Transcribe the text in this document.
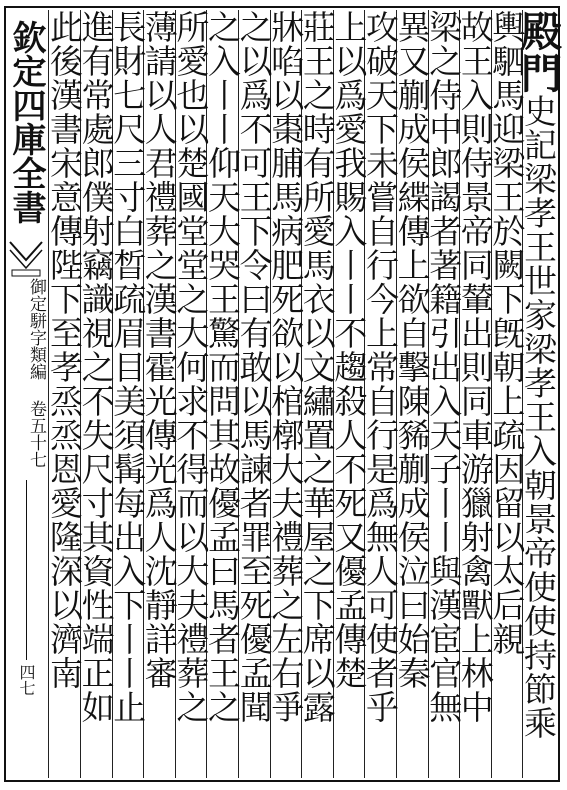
欽定四庫全書
御定駢字類編 卷五十七
四七
殿門史記梁孝王世家梁孝王入朝景帝使使持節乘
輿駟馬迎梁王於闕下旣朝上疏因留以太后親
故王入則侍景帝同輦出則同車游獵射禽獸上林中
梁之侍中郎謁者著籍引出入天子丨丨與漢宦官無
異又蒯成侯緤傳上欲自擊陳豨蒯成侯泣曰始秦
攻破天下未嘗自行今上常自行是爲無人可使者乎
上以爲愛我賜入丨丨不趨殺人不死又優孟傳楚
莊王之時有所愛馬衣以文繡置之華屋之下席以露
牀啗以棗脯馬病肥死欲以棺槨大夫禮葬之左右爭
之以爲不可王下令曰有敢以馬諫者罪至死優孟聞
之入丨丨仰天大哭王驚而問其故優孟曰馬者王之
所愛也以楚國堂堂之大何求不得而以大夫禮葬之
薄請以人君禮葬之漢書霍光傳光爲人沈靜詳審
長財七尺三寸白晳疏眉目美須髯每出入下丨丨止
進有常處郎僕射竊識視之不失尺寸其資性端正如
此後漢書宋意傳陛下至孝烝烝恩愛隆深以濟南
